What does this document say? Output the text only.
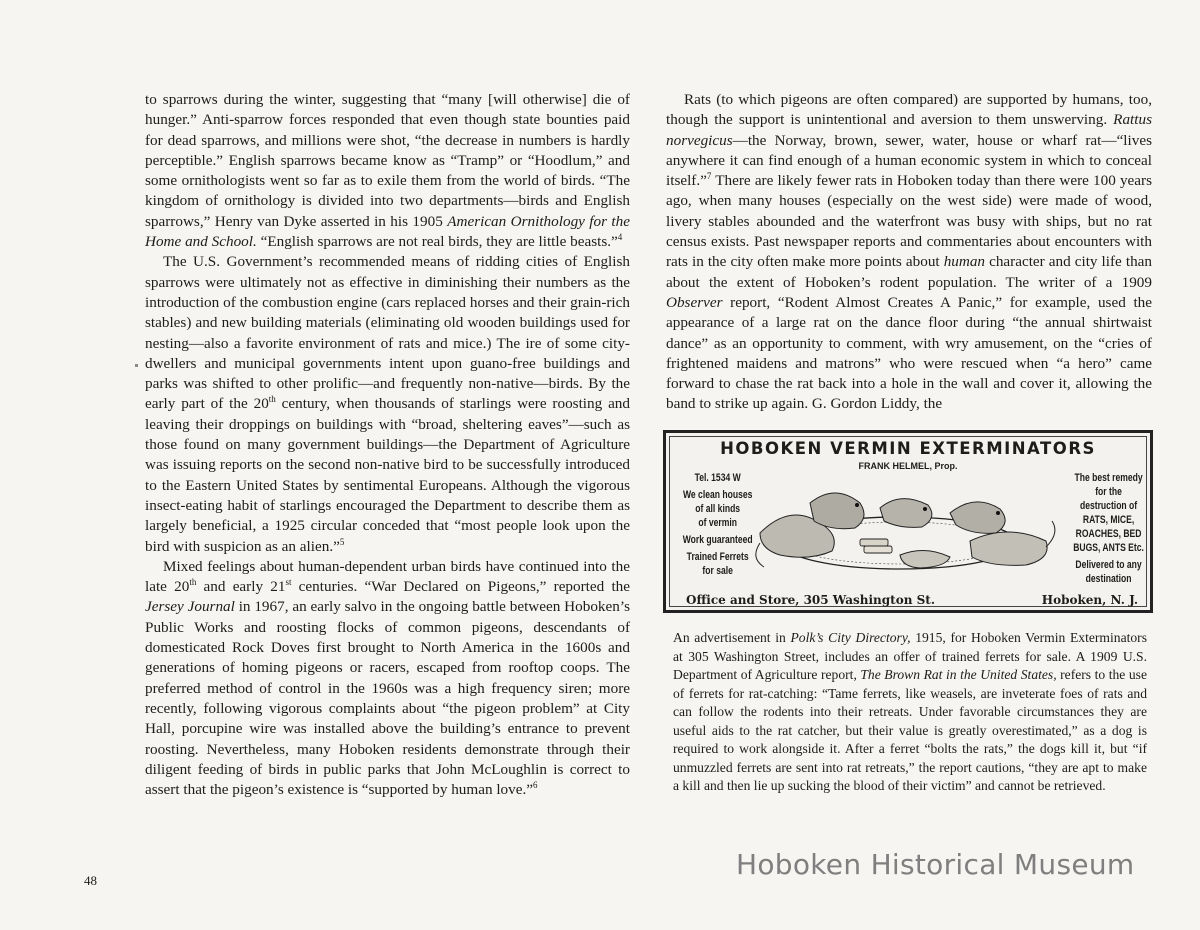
to sparrows during the winter, suggesting that “many [will otherwise] die of hunger.” Anti-sparrow forces responded that even though state bounties paid for dead sparrows, and millions were shot, “the decrease in numbers is hardly perceptible.” English sparrows became know as “Tramp” or “Hoodlum,” and some ornithologists went so far as to exile them from the world of birds. “The kingdom of ornithology is divided into two departments—birds and English sparrows,” Henry van Dyke asserted in his 1905 American Ornithology for the Home and School. “English sparrows are not real birds, they are little beasts.”$^4$

The U.S. Government’s recommended means of ridding cities of English sparrows were ultimately not as effective in diminishing their numbers as the introduction of the combustion engine (cars replaced horses and their grain-rich stables) and new building materials (eliminating old wooden buildings used for nesting—also a favorite environment of rats and mice.) The ire of some city-dwellers and municipal governments intent upon guano-free buildings and parks was shifted to other prolific—and frequently non-native—birds. By the early part of the 20th century, when thousands of starlings were roosting and leaving their droppings on buildings with “broad, sheltering eaves”—such as those found on many government buildings—the Department of Agriculture was issuing reports on the second non-native bird to be successfully introduced to the Eastern United States by sentimental Europeans. Although the vigorous insect-eating habit of starlings encouraged the Department to describe them as largely beneficial, a 1925 circular conceded that “most people look upon the bird with suspicion as an alien.”$^5$

Mixed feelings about human-dependent urban birds have continued into the late 20th and early 21st centuries. “War Declared on Pigeons,” reported the Jersey Journal in 1967, an early salvo in the ongoing battle between Hoboken’s Public Works and roosting flocks of common pigeons, descendants of domesticated Rock Doves first brought to North America in the 1600s and generations of homing pigeons or racers, escaped from rooftop coops. The preferred method of control in the 1960s was a high frequency siren; more recently, following vigorous complaints about “the pigeon problem” at City Hall, porcupine wire was installed above the building’s entrance to prevent roosting. Nevertheless, many Hoboken residents demonstrate through their diligent feeding of birds in public parks that John McLoughlin is correct to assert that the pigeon’s existence is “supported by human love.”$^6$

Rats (to which pigeons are often compared) are supported by humans, too, though the support is unintentional and aversion to them unswerving. Rattus norvegicus—the Norway, brown, sewer, water, house or wharf rat—“lives anywhere it can find enough of a human economic system in which to conceal itself.”$^7$ There are likely fewer rats in Hoboken today than there were 100 years ago, when many houses (especially on the west side) were made of wood, livery stables abounded and the waterfront was busy with ships, but no rat census exists. Past newspaper reports and commentaries about encounters with rats in the city often make more points about human character and city life than about the extent of Hoboken’s rodent population. The writer of a 1909 Observer report, “Rodent Almost Creates A Panic,” for example, used the appearance of a large rat on the dance floor during “the annual shirtwaist dance” as an opportunity to comment, with wry amusement, on the “cries of frightened maidens and matrons” who were rescued when “a hero” came forward to chase the rat back into a hole in the wall and cover it, allowing the band to strike up again. G. Gordon Liddy, the

HOBOKEN VERMIN EXTERMINATORS
FRANK HELMEL, Prop.
Tel. 1534 W
We clean houses
of all kinds
of vermin
Work guaranteed
Trained Ferrets
for sale
The best remedy
for the
destruction of
RATS, MICE,
ROACHES, BED
BUGS, ANTS Etc.
Delivered to any
destination
Office and Store, 305 Washington St.	Hoboken, N. J.

An advertisement in Polk’s City Directory, 1915, for Hoboken Vermin Exterminators at 305 Washington Street, includes an offer of trained ferrets for sale. A 1909 U.S. Department of Agriculture report, The Brown Rat in the United States, refers to the use of ferrets for rat-catching: “Tame ferrets, like weasels, are inveterate foes of rats and can follow the rodents into their retreats. Under favorable circumstances they are useful aids to the rat catcher, but their value is greatly overestimated,” as a dog is required to work alongside it. After a ferret “bolts the rats,” the dogs kill it, but “if unmuzzled ferrets are sent into rat retreats,” the report cautions, “they are apt to make a kill and then lie up sucking the blood of their victim” and cannot be retrieved.

48	Hoboken Historical Museum
